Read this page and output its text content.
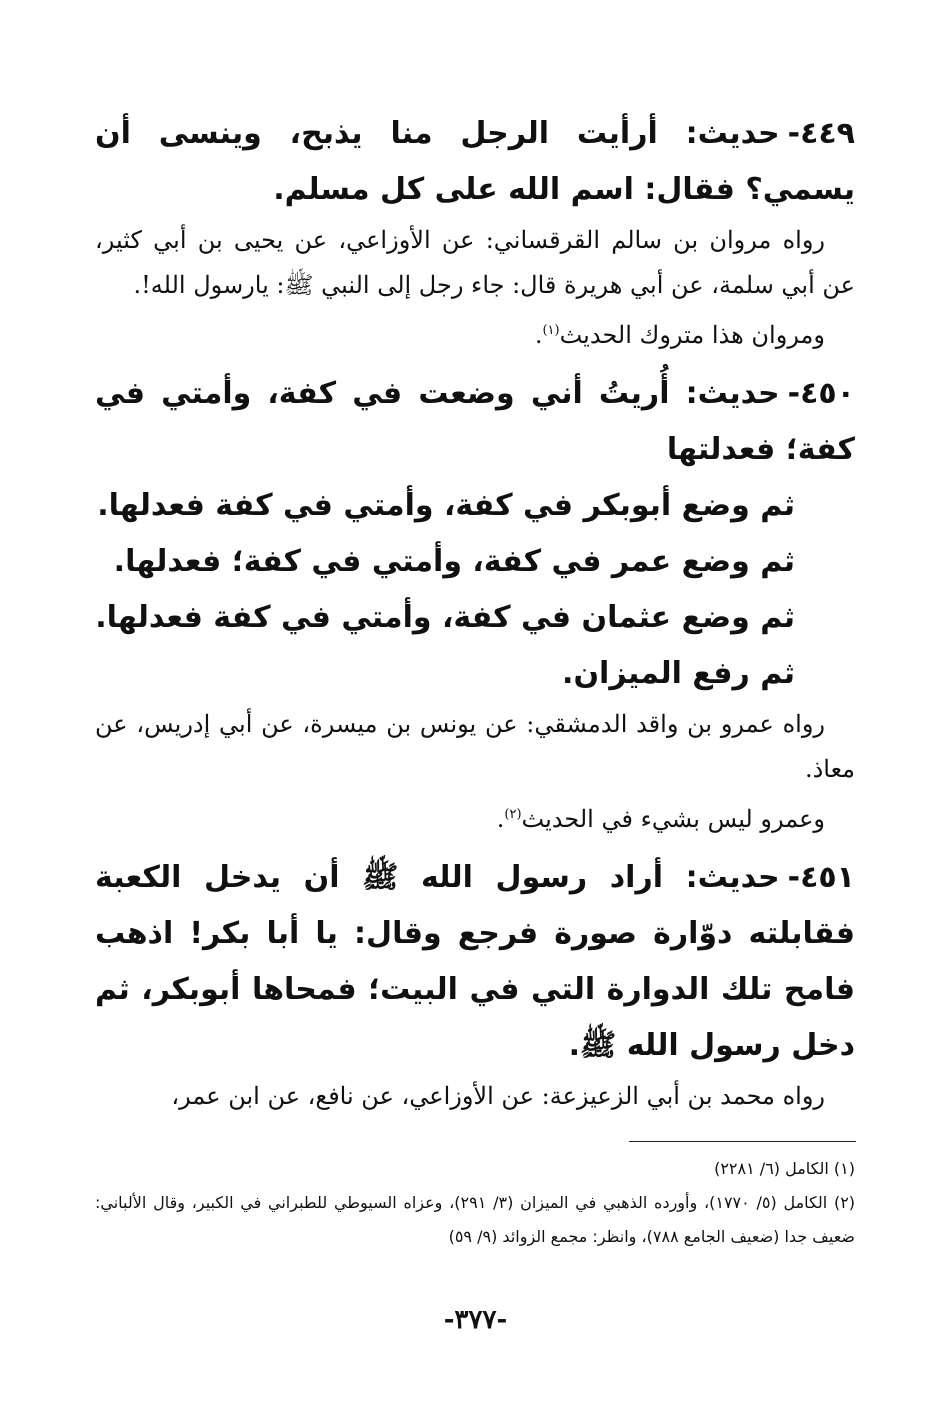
٤٤٩-حديث: أرأيت الرجل منا يذبح، وينسى أن يسمي؟ فقال: اسم الله على كل مسلم.
رواه مروان بن سالم القرقساني: عن الأوزاعي، عن يحيى بن أبي كثير، عن أبي سلمة، عن أبي هريرة قال: جاء رجل إلى النبي ﷺ: يارسول الله!.
ومروان هذا متروك الحديث$^{(١)}$.
٤٥٠-حديث: أُريتُ أني وضعت في كفة، وأمتي في كفة؛ فعدلتها
ثم وضع أبوبكر في كفة، وأمتي في كفة فعدلها.
ثم وضع عمر في كفة، وأمتي في كفة؛ فعدلها.
ثم وضع عثمان في كفة، وأمتي في كفة فعدلها.
ثم رفع الميزان.
رواه عمرو بن واقد الدمشقي: عن يونس بن ميسرة، عن أبي إدريس، عن معاذ.
وعمرو ليس بشيء في الحديث$^{(٢)}$.
٤٥١-حديث: أراد رسول الله ﷺ أن يدخل الكعبة فقابلته دوّارة صورة فرجع وقال: يا أبا بكر! اذهب فامح تلك الدوارة التي في البيت؛ فمحاها أبوبكر، ثم دخل رسول الله ﷺ.
رواه محمد بن أبي الزعيزعة: عن الأوزاعي، عن نافع، عن ابن عمر،
(١) الكامل (٦/ ٢٢٨١)
(٢) الكامل (٥/ ١٧٧٠)، وأورده الذهبي في الميزان (٣/ ٢٩١)، وعزاه السيوطي للطبراني في الكبير، وقال الألباني: ضعيف جدا (ضعيف الجامع ٧٨٨)، وانظر: مجمع الزوائد (٩/ ٥٩)
-٣٧٧-
